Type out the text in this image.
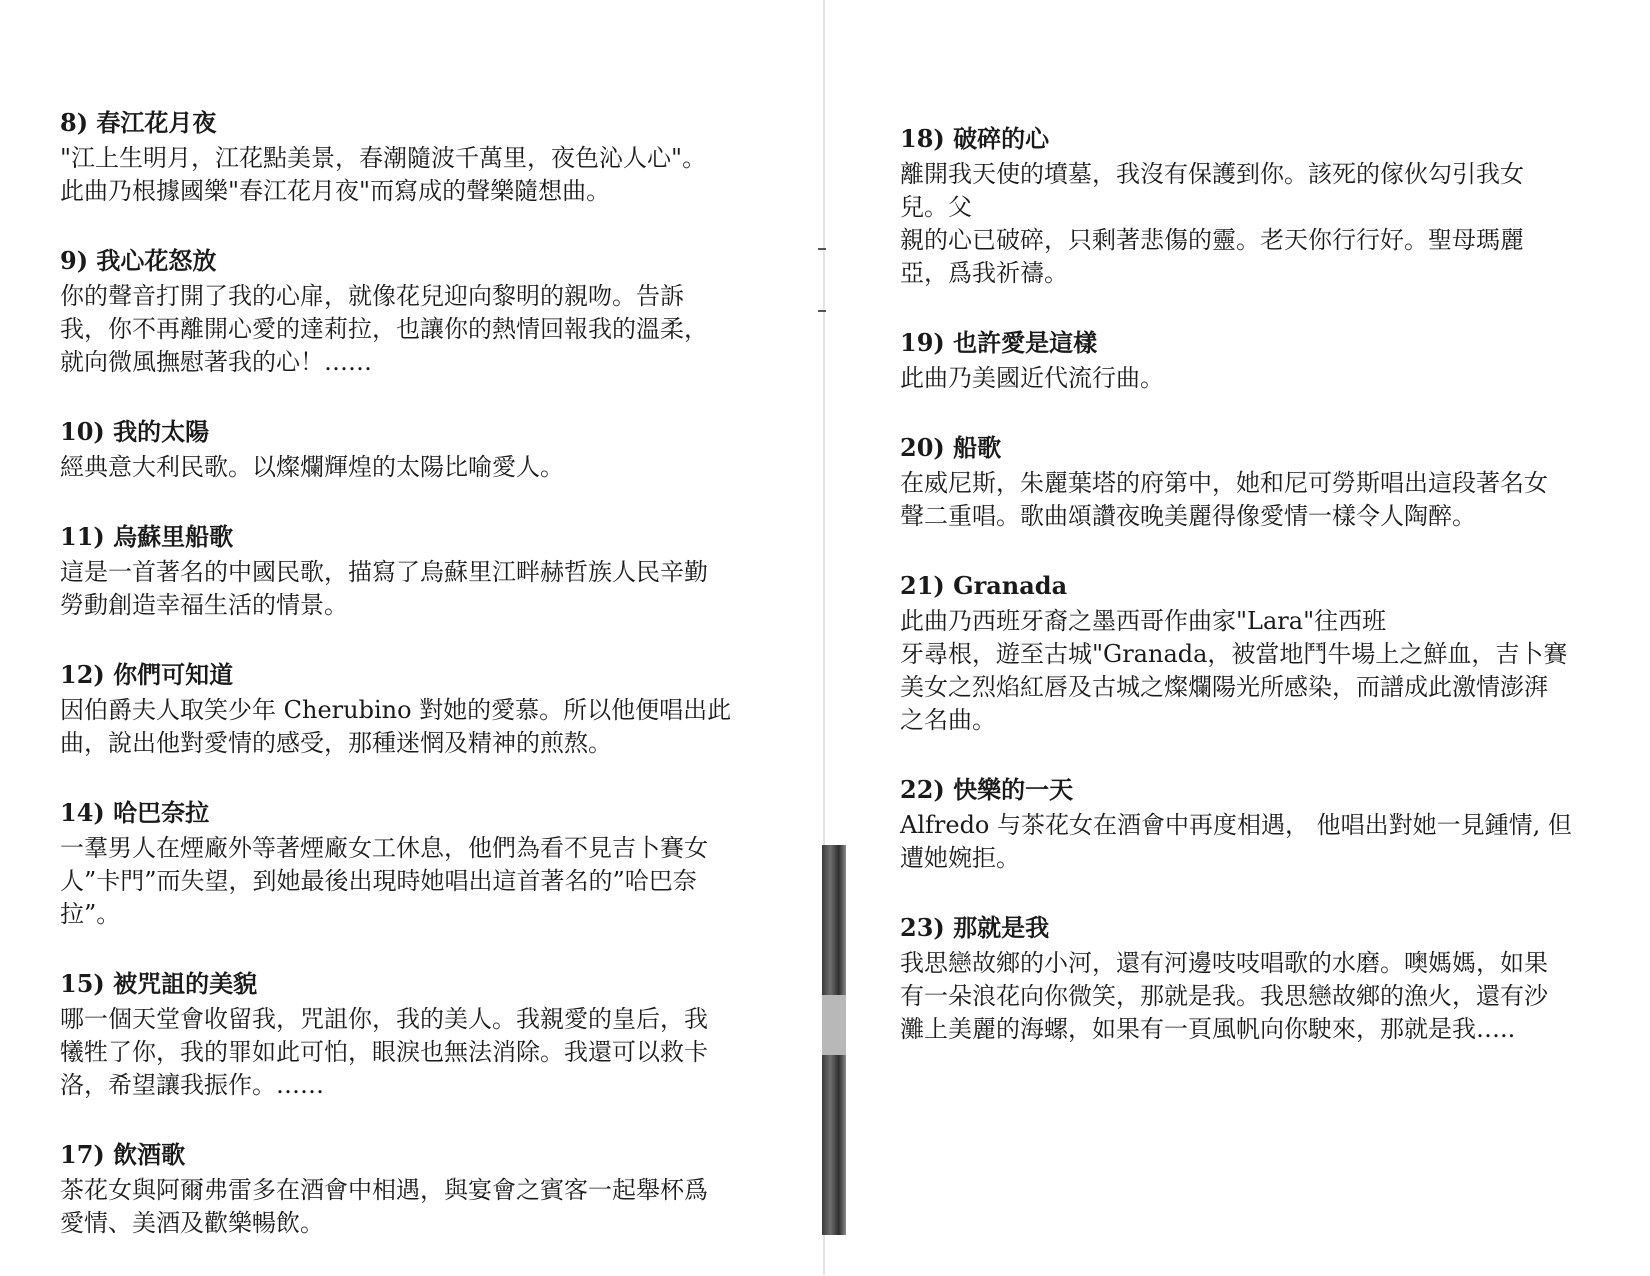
8) 春江花月夜

"江上生明月，江花點美景，春潮隨波千萬里，夜色沁人心"。

此曲乃根據國樂"春江花月夜"而寫成的聲樂隨想曲。

9) 我心花怒放

你的聲音打開了我的心扉，就像花兒迎向黎明的親吻。告訴

我，你不再離開心愛的達莉拉，也讓你的熱情回報我的溫柔，

就向微風撫慰著我的心！……

10) 我的太陽

經典意大利民歌。以燦爛輝煌的太陽比喻愛人。

11) 烏蘇里船歌

這是一首著名的中國民歌，描寫了烏蘇里江畔赫哲族人民辛勤

勞動創造幸福生活的情景。

12) 你們可知道

因伯爵夫人取笑少年 Cherubino 對她的愛慕。所以他便唱出此

曲，說出他對愛情的感受，那種迷惘及精神的煎熬。

14) 哈巴奈拉

一羣男人在煙廠外等著煙廠女工休息，他們為看不見吉卜賽女

人”卡門”而失望，到她最後出現時她唱出這首著名的”哈巴奈

拉”。

15) 被咒詛的美貌

哪一個天堂會收留我，咒詛你，我的美人。我親愛的皇后，我

犧牲了你，我的罪如此可怕，眼淚也無法消除。我還可以救卡

洛，希望讓我振作。……

17) 飲酒歌

茶花女與阿爾弗雷多在酒會中相遇，與宴會之賓客一起舉杯爲

愛情、美酒及歡樂暢飲。

18) 破碎的心

離開我天使的墳墓，我沒有保護到你。該死的傢伙勾引我女

兒。父

親的心已破碎，只剩著悲傷的靈。老天你行行好。聖母瑪麗

亞，爲我祈禱。

19) 也許愛是這樣

此曲乃美國近代流行曲。

20) 船歌

在威尼斯，朱麗葉塔的府第中，她和尼可勞斯唱出這段著名女

聲二重唱。歌曲頌讚夜晚美麗得像愛情一樣令人陶醉。

21) Granada

此曲乃西班牙裔之墨西哥作曲家"Lara"往西班

牙尋根，遊至古城"Granada，被當地鬥牛場上之鮮血，吉卜賽

美女之烈焰紅唇及古城之燦爛陽光所感染，而譜成此激情澎湃

之名曲。

22) 快樂的一天

Alfredo 与茶花女在酒會中再度相遇， 他唱出對她一見鍾情, 但

遭她婉拒。

23) 那就是我

我思戀故鄉的小河，還有河邊吱吱唱歌的水磨。噢媽媽，如果

有一朵浪花向你微笑，那就是我。我思戀故鄉的漁火，還有沙

灘上美麗的海螺，如果有一頁風帆向你駛來，那就是我…..
